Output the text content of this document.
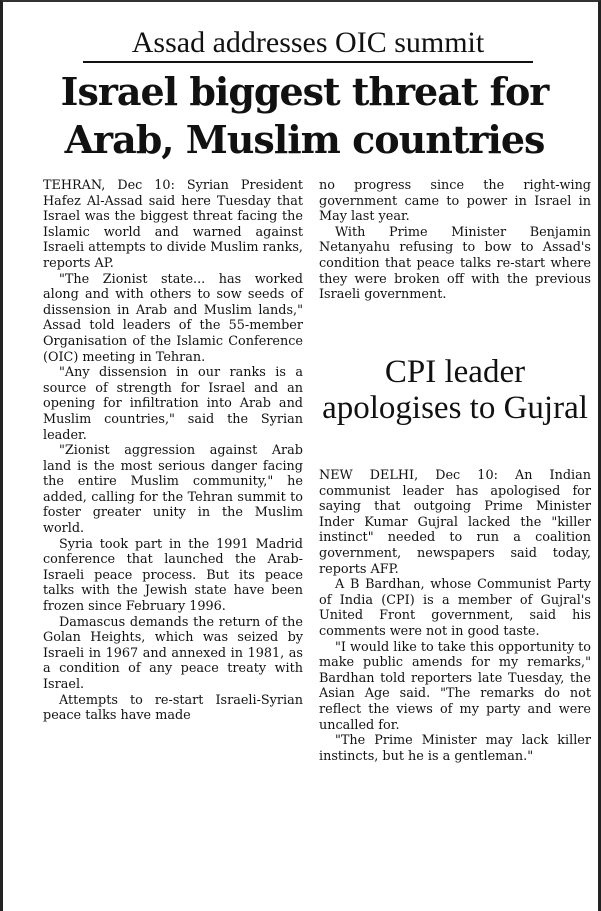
Assad addresses OIC summit
Israel biggest threat for Arab, Muslim countries

TEHRAN, Dec 10: Syrian President Hafez Al-Assad said here Tuesday that Israel was the biggest threat facing the Islamic world and warned against Israeli attempts to divide Muslim ranks, reports AP.

"The Zionist state... has worked along and with others to sow seeds of dissension in Arab and Muslim lands," Assad told leaders of the 55-member Organisation of the Islamic Conference (OIC) meeting in Tehran.

"Any dissension in our ranks is a source of strength for Israel and an opening for infiltration into Arab and Muslim countries," said the Syrian leader.

"Zionist aggression against Arab land is the most serious danger facing the entire Muslim community," he added, calling for the Tehran summit to foster greater unity in the Muslim world.

Syria took part in the 1991 Madrid conference that launched the Arab-Israeli peace process. But its peace talks with the Jewish state have been frozen since February 1996.

Damascus demands the return of the Golan Heights, which was seized by Israeli in 1967 and annexed in 1981, as a condition of any peace treaty with Israel.

Attempts to re-start Israeli-Syrian peace talks have made

no progress since the right-wing government came to power in Israel in May last year.

With Prime Minister Benjamin Netanyahu refusing to bow to Assad's condition that peace talks re-start where they were broken off with the previous Israeli government.

CPI leader apologises to Gujral

NEW DELHI, Dec 10: An Indian communist leader has apologised for saying that outgoing Prime Minister Inder Kumar Gujral lacked the "killer instinct" needed to run a coalition government, newspapers said today, reports AFP.

A B Bardhan, whose Communist Party of India (CPI) is a member of Gujral's United Front government, said his comments were not in good taste.

"I would like to take this opportunity to make public amends for my remarks," Bardhan told reporters late Tuesday, the Asian Age said. "The remarks do not reflect the views of my party and were uncalled for.

"The Prime Minister may lack killer instincts, but he is a gentleman."
